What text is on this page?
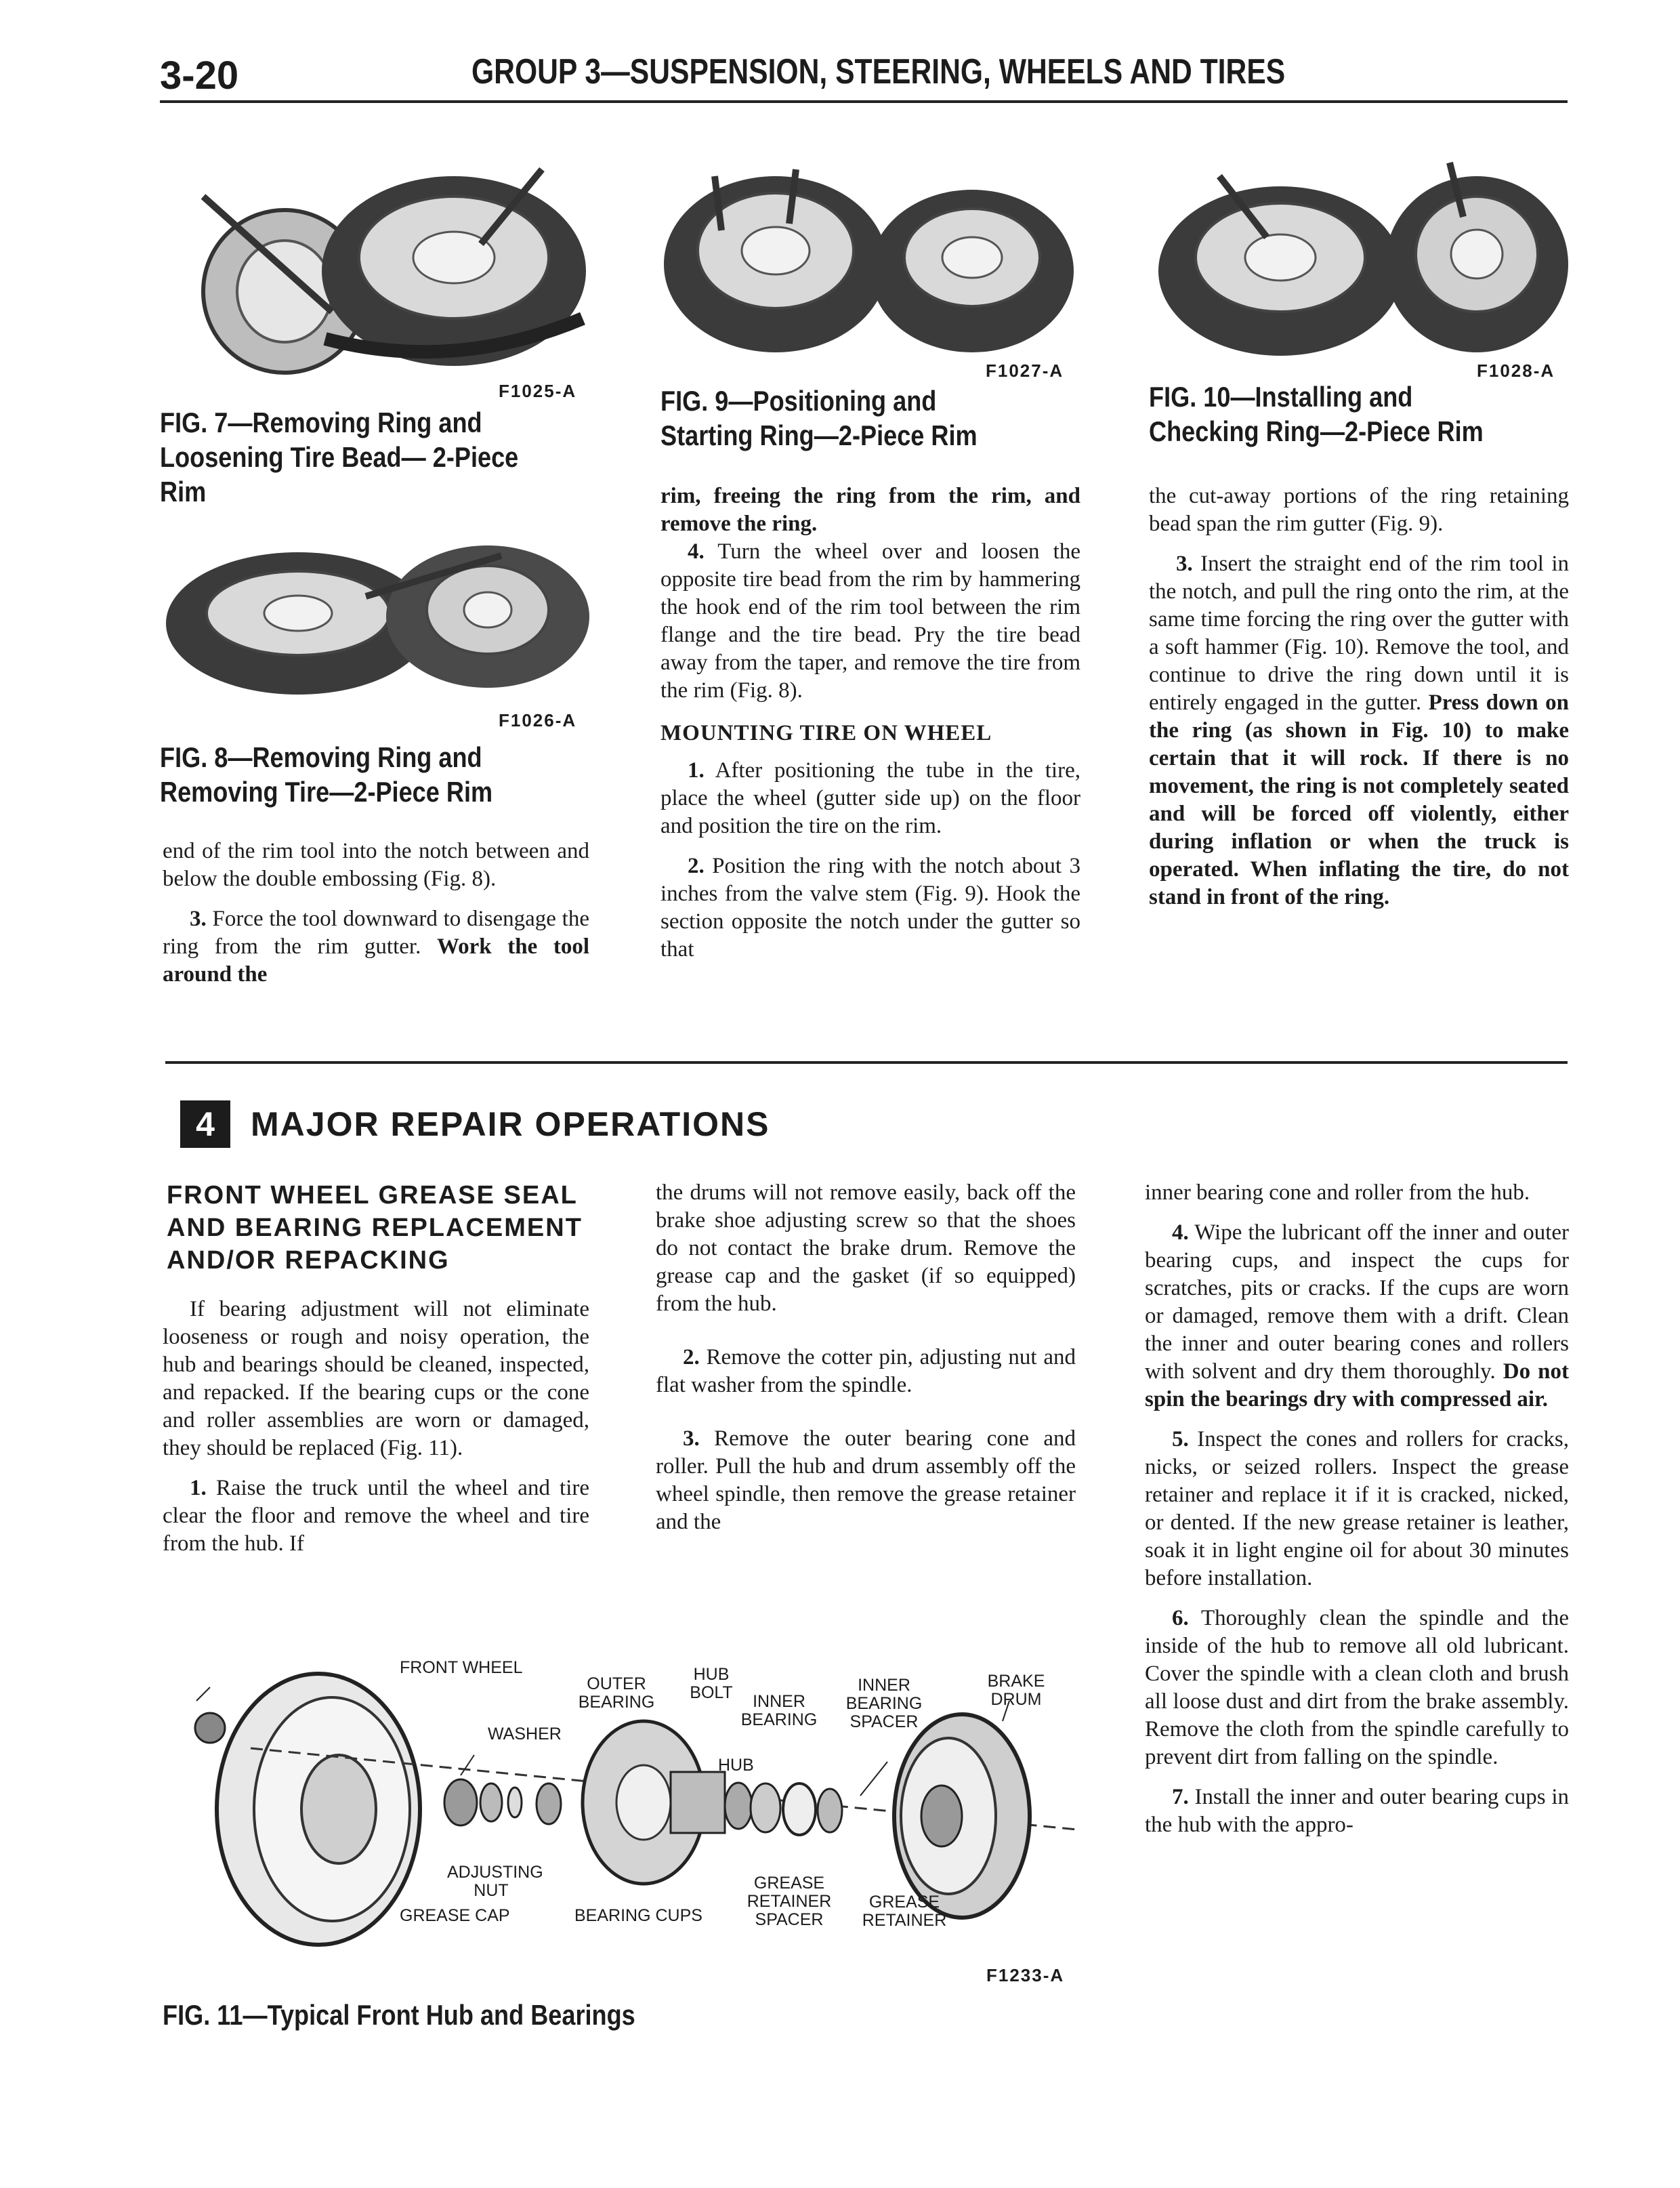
3-20	GROUP 3—SUSPENSION, STEERING, WHEELS AND TIRES
F1025-A
FIG. 7—Removing Ring and Loosening Tire Bead— 2-Piece Rim
F1026-A
FIG. 8—Removing Ring and Removing Tire—2-Piece Rim
F1027-A
FIG. 9—Positioning and Starting Ring—2-Piece Rim
F1028-A
FIG. 10—Installing and Checking Ring—2-Piece Rim

end of the rim tool into the notch between and below the double embossing (Fig. 8).

3. Force the tool downward to disengage the ring from the rim gutter. Work the tool around the

rim, freeing the ring from the rim, and remove the ring.

4. Turn the wheel over and loosen the opposite tire bead from the rim by hammering the hook end of the rim tool between the rim flange and the tire bead. Pry the tire bead away from the taper, and remove the tire from the rim (Fig. 8).

MOUNTING TIRE ON WHEEL

1. After positioning the tube in the tire, place the wheel (gutter side up) on the floor and position the tire on the rim.

2. Position the ring with the notch about 3 inches from the valve stem (Fig. 9). Hook the section opposite the notch under the gutter so that

the cut-away portions of the ring retaining bead span the rim gutter (Fig. 9).

3. Insert the straight end of the rim tool in the notch, and pull the ring onto the rim, at the same time forcing the ring over the gutter with a soft hammer (Fig. 10). Remove the tool, and continue to drive the ring down until it is entirely engaged in the gutter. Press down on the ring (as shown in Fig. 10) to make certain that it will rock. If there is no movement, the ring is not completely seated and will be forced off violently, either during inflation or when the truck is operated. When inflating the tire, do not stand in front of the ring.

4	MAJOR REPAIR OPERATIONS
FRONT WHEEL GREASE SEAL AND BEARING REPLACEMENT AND/OR REPACKING

If bearing adjustment will not eliminate looseness or rough and noisy operation, the hub and bearings should be cleaned, inspected, and repacked. If the bearing cups or the cone and roller assemblies are worn or damaged, they should be replaced (Fig. 11).

1. Raise the truck until the wheel and tire clear the floor and remove the wheel and tire from the hub. If

the drums will not remove easily, back off the brake shoe adjusting screw so that the shoes do not contact the brake drum. Remove the grease cap and the gasket (if so equipped) from the hub.

2. Remove the cotter pin, adjusting nut and flat washer from the spindle.

3. Remove the outer bearing cone and roller. Pull the hub and drum assembly off the wheel spindle, then remove the grease retainer and the

inner bearing cone and roller from the hub.

4. Wipe the lubricant off the inner and outer bearing cups, and inspect the cups for scratches, pits or cracks. If the cups are worn or damaged, remove them with a drift. Clean the inner and outer bearing cones and rollers with solvent and dry them thoroughly. Do not spin the bearings dry with compressed air.

5. Inspect the cones and rollers for cracks, nicks, or seized rollers. Inspect the grease retainer and replace it if it is cracked, nicked, or dented. If the new grease retainer is leather, soak it in light engine oil for about 30 minutes before installation.

6. Thoroughly clean the spindle and the inside of the hub to remove all old lubricant. Cover the spindle with a clean cloth and brush all loose dust and dirt from the brake assembly. Remove the cloth from the spindle carefully to prevent dirt from falling on the spindle.

7. Install the inner and outer bearing cups in the hub with the appro-

FRONT WHEEL
OUTER BEARING
HUB BOLT	INNER BEARING
INNER BEARING SPACER
BRAKE DRUM
WASHER
HUB
ADJUSTING NUT
GREASE CAP	BEARING CUPS
GREASE RETAINER SPACER
GREASE RETAINER
F1233-A
FIG. 11—Typical Front Hub and Bearings
